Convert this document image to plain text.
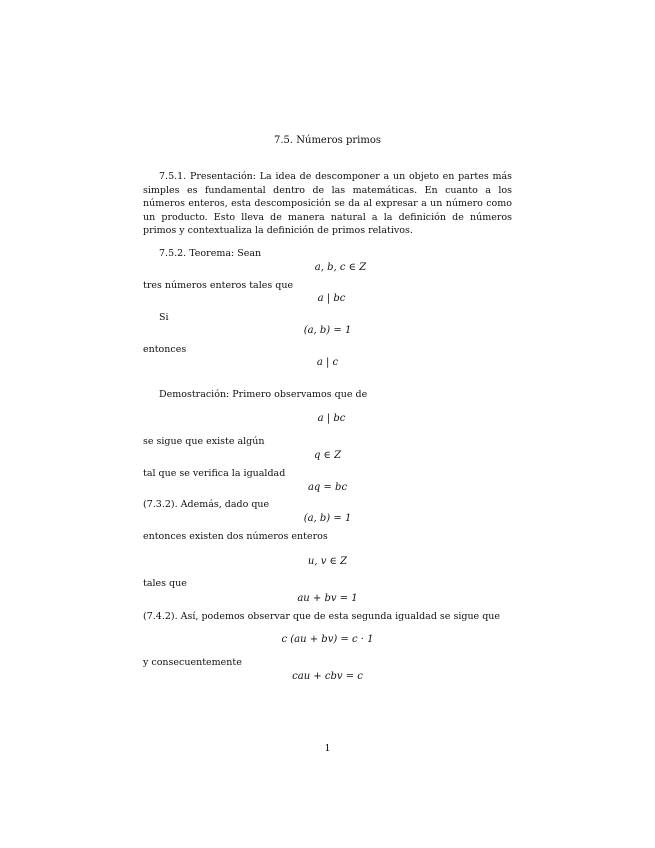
7.5. Números primos
7.5.1. Presentación: La idea de descomponer a un objeto en partes más simples es fundamental dentro de las matemáticas. En cuanto a los números enteros, esta descomposición se da al expresar a un número como un producto. Esto lleva de manera natural a la definición de números primos y contextualiza la definición de primos relativos.
7.5.2. Teorema: Sean
a, b, c ∈ Z
tres números enteros tales que
a | bc
Si
(a, b) = 1
entonces
a | c
Demostración: Primero observamos que de
a | bc
se sigue que existe algún
q ∈ Z
tal que se verifica la igualdad
aq = bc
(7.3.2). Además, dado que
(a, b) = 1
entonces existen dos números enteros
u, v ∈ Z
tales que
au + bv = 1
(7.4.2). Así, podemos observar que de esta segunda igualdad se sigue que
c (au + bv) = c · 1
y consecuentemente
cau + cbv = c
1
